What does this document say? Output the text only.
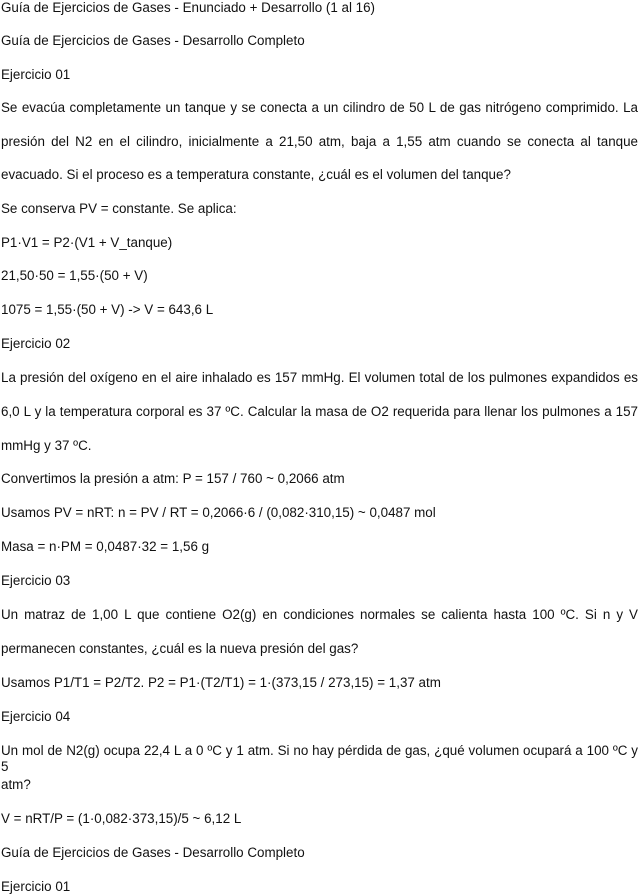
Guía de Ejercicios de Gases - Enunciado + Desarrollo (1 al 16)
Guía de Ejercicios de Gases - Desarrollo Completo
Ejercicio 01
Se evacúa completamente un tanque y se conecta a un cilindro de 50 L de gas nitrógeno comprimido. La
presión del N2 en el cilindro, inicialmente a 21,50 atm, baja a 1,55 atm cuando se conecta al tanque
evacuado. Si el proceso es a temperatura constante, ¿cuál es el volumen del tanque?
Se conserva PV = constante. Se aplica:
P1·V1 = P2·(V1 + V_tanque)
21,50·50 = 1,55·(50 + V)
1075 = 1,55·(50 + V) -> V = 643,6 L
Ejercicio 02
La presión del oxígeno en el aire inhalado es 157 mmHg. El volumen total de los pulmones expandidos es
6,0 L y la temperatura corporal es 37 ºC. Calcular la masa de O2 requerida para llenar los pulmones a 157
mmHg y 37 ºC.
Convertimos la presión a atm: P = 157 / 760 ~ 0,2066 atm
Usamos PV = nRT: n = PV / RT = 0,2066·6 / (0,082·310,15) ~ 0,0487 mol
Masa = n·PM = 0,0487·32 = 1,56 g
Ejercicio 03
Un matraz de 1,00 L que contiene O2(g) en condiciones normales se calienta hasta 100 ºC. Si n y V
permanecen constantes, ¿cuál es la nueva presión del gas?
Usamos P1/T1 = P2/T2. P2 = P1·(T2/T1) = 1·(373,15 / 273,15) = 1,37 atm
Ejercicio 04
Un mol de N2(g) ocupa 22,4 L a 0 ºC y 1 atm. Si no hay pérdida de gas, ¿qué volumen ocupará a 100 ºC y 5
atm?
V = nRT/P = (1·0,082·373,15)/5 ~ 6,12 L
Guía de Ejercicios de Gases - Desarrollo Completo
Ejercicio 01
